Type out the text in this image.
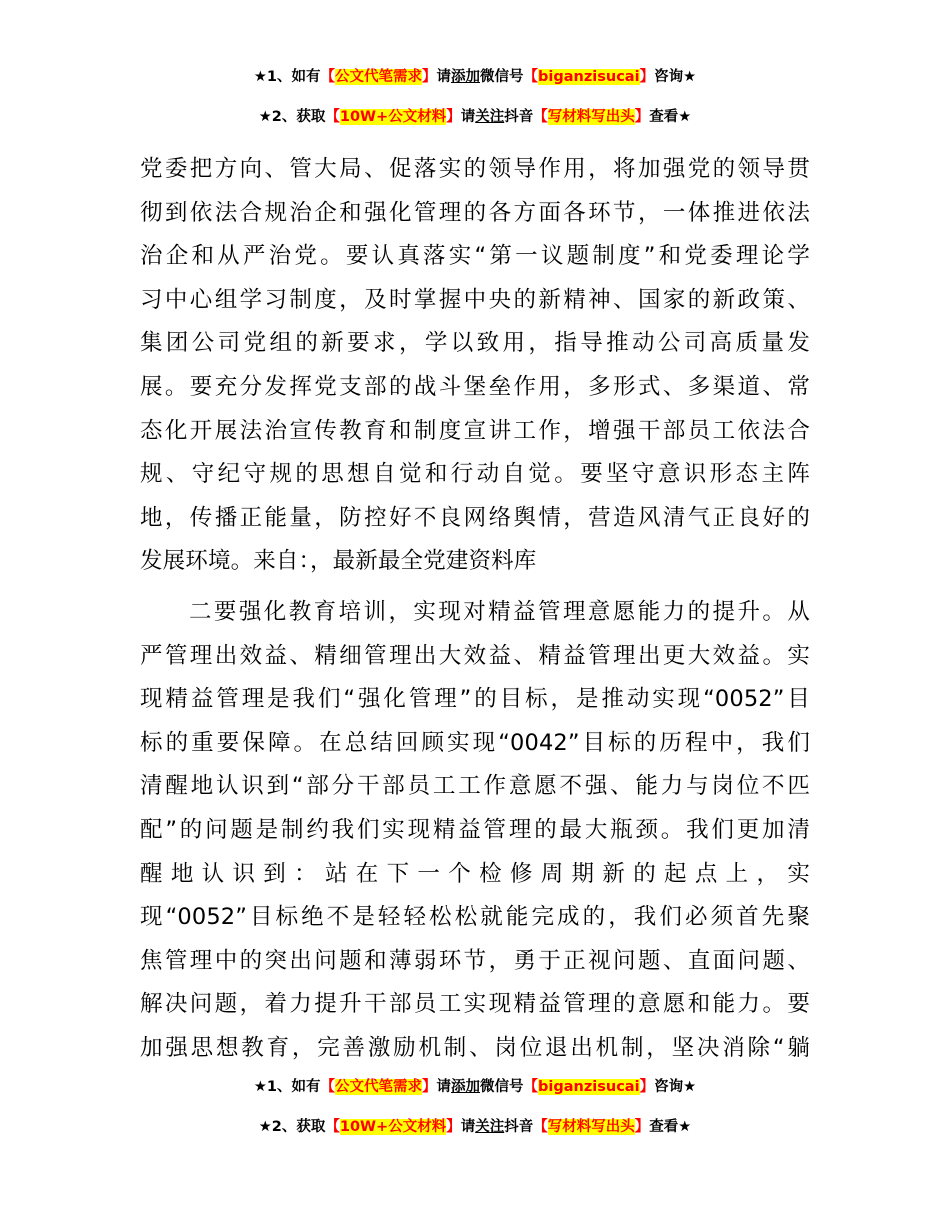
★1、如有【公文代笔需求】请添加微信号【biganzisucai】咨询★
★2、获取【10W+公文材料】请关注抖音【写材料写出头】查看★
党委把方向、管大局、促落实的领导作用，将加强党的领导贯
彻到依法合规治企和强化管理的各方面各环节，一体推进依法
治企和从严治党。要认真落实“第一议题制度”和党委理论学
习中心组学习制度，及时掌握中央的新精神、国家的新政策、
集团公司党组的新要求，学以致用，指导推动公司高质量发
展。要充分发挥党支部的战斗堡垒作用，多形式、多渠道、常
态化开展法治宣传教育和制度宣讲工作，增强干部员工依法合
规、守纪守规的思想自觉和行动自觉。要坚守意识形态主阵
地，传播正能量，防控好不良网络舆情，营造风清气正良好的
发展环境。来自：，最新最全党建资料库
二要强化教育培训，实现对精益管理意愿能力的提升。从
严管理出效益、精细管理出大效益、精益管理出更大效益。实
现精益管理是我们“强化管理”的目标，是推动实现“0052”目
标的重要保障。在总结回顾实现“0042”目标的历程中，我们
清醒地认识到“部分干部员工工作意愿不强、能力与岗位不匹
配”的问题是制约我们实现精益管理的最大瓶颈。我们更加清
醒地认识到：站在下一个检修周期新的起点上，实
现“0052”目标绝不是轻轻松松就能完成的，我们必须首先聚
焦管理中的突出问题和薄弱环节，勇于正视问题、直面问题、
解决问题，着力提升干部员工实现精益管理的意愿和能力。要
加强思想教育，完善激励机制、岗位退出机制，坚决消除“躺
★1、如有【公文代笔需求】请添加微信号【biganzisucai】咨询★
★2、获取【10W+公文材料】请关注抖音【写材料写出头】查看★
